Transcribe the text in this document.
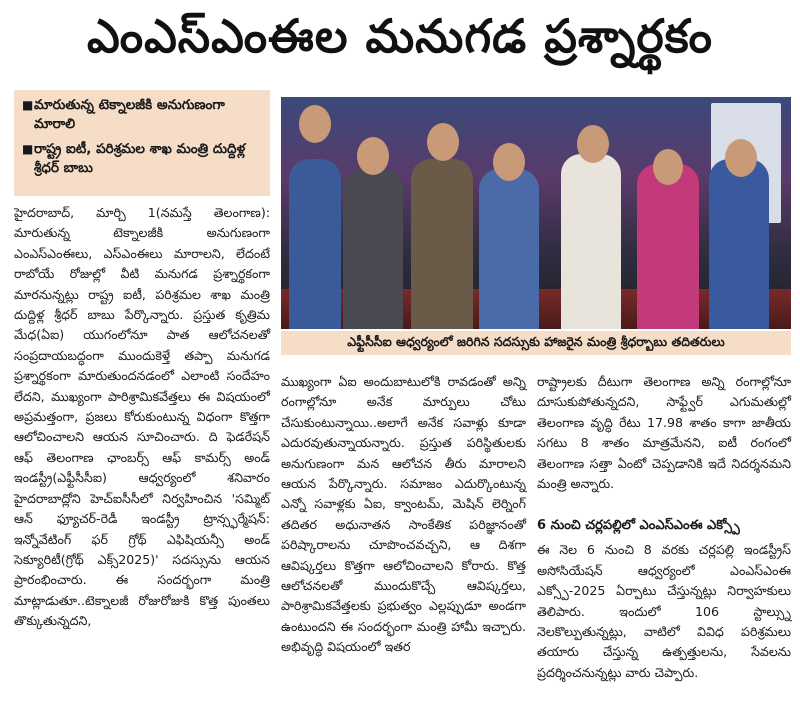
ఎంఎస్ఎంఈల మనుగడ ప్రశ్నార్థకం
■ మారుతున్న టెక్నాలజీకి అనుగుణంగా మారాలి
■ రాష్ట్ర ఐటీ, పరిశ్రమల శాఖ మంత్రి దుద్దిళ్ల శ్రీధర్ బాబు
ఎఫ్టీసీసీఐ ఆధ్వర్యంలో జరిగిన సదస్సుకు హాజరైన మంత్రి శ్రీధర్బాబు తదితరులు

హైదరాబాద్, మార్చి 1(నమస్తే తెలంగాణ): మారుతున్న టెక్నాలజీకి అనుగుణంగా ఎంఎస్ఎంఈలు, ఎస్ఎంఈలు మారాలని, లేదంటే రాబోయే రోజుల్లో వీటి మనుగడ ప్రశ్నార్థకంగా మారనున్నట్లు రాష్ట్ర ఐటీ, పరిశ్రమల శాఖ మంత్రి దుద్దిళ్ల శ్రీధర్ బాబు పేర్కొన్నారు. ప్రస్తుత కృత్రిమ మేధ(ఏఐ) యుగంలోనూ పాత ఆలోచనలతో సంప్రదాయబద్ధంగా ముందుకెళ్తే తప్పా మనుగడ ప్రశ్నార్థకంగా మారుతుందనడంలో ఎలాంటి సందేహం లేదని, ముఖ్యంగా పారిశ్రామికవేత్తలు ఈ విషయంలో అప్రమత్తంగా, ప్రజలు కోరుకుంటున్న విధంగా కొత్తగా ఆలోచించాలని ఆయన సూచించారు. ది ఫెడరేషన్ ఆఫ్ తెలంగాణ ఛాంబర్స్ ఆఫ్ కామర్స్ అండ్ ఇండస్ట్రీ(ఎఫ్టీసీసీఐ) ఆధ్వర్యంలో శనివారం హైదరాబాద్లోని హెచ్ఐసీసీలో నిర్వహించిన 'సమ్మిట్ ఆన్ ఫ్యూచర్-రెడీ ఇండస్ట్రీ ట్రాన్స్ఫర్మేషన్: ఇన్నోవేటింగ్ ఫర్ గ్రోథ్ ఎఫిషియన్సీ అండ్ సెక్యూరిటీ(గ్రోథ్ ఎక్స్2025)' సదస్సును ఆయన ప్రారంభించారు. ఈ సందర్భంగా మంత్రి మాట్లాడుతూ..టెక్నాలజీ రోజురోజుకి కొత్త పుంతలు తొక్కుతున్నదని,

ముఖ్యంగా ఏఐ అందుబాటులోకి రావడంతో అన్ని రంగాల్లోనూ అనేక మార్పులు చోటు చేసుకుంటున్నాయి..అలాగే అనేక సవాళ్లు కూడా ఎదురవుతున్నాయన్నారు. ప్రస్తుత పరిస్థితులకు అనుగుణంగా మన ఆలోచన తీరు మారాలని ఆయన పేర్కొన్నారు. సమాజం ఎదుర్కొంటున్న ఎన్నో సవాళ్లకు ఏఐ, క్వాంటమ్, మెషిన్ లెర్నింగ్ తదితర అధునాతన సాంకేతిక పరిజ్ఞానంతో పరిష్కారాలను చూపొంచవచ్చని, ఆ దిశగా ఆవిష్కర్తలు కొత్తగా ఆలోచించాలని కోరారు. కొత్త ఆలోచనలతో ముందుకొచ్చే ఆవిష్కర్తలు, పారిశ్రామికవేత్తలకు ప్రభుత్వం ఎల్లప్పుడూ అండగా ఉంటుందని ఈ సందర్భంగా మంత్రి హామీ ఇచ్చారు. అభివృద్ధి విషయంలో ఇతర

రాష్ట్రాలకు దీటుగా తెలంగాణ అన్ని రంగాల్లోనూ దూసుకుపోతున్నదని, సాఫ్ట్వేర్ ఎగుమతుల్లో తెలంగాణ వృద్ధి రేటు 17.98 శాతం కాగా జాతీయ సగటు 8 శాతం మాత్రమేనని, ఐటీ రంగంలో తెలంగాణ సత్తా ఏంటో చెప్పడానికి ఇదే నిదర్శనమని మంత్రి అన్నారు.

6 నుంచి చర్లపల్లిలో ఎంఎస్ఎంఈ ఎక్స్పో

ఈ నెల 6 నుంచి 8 వరకు చర్లపల్లి ఇండస్ట్రీస్ అసోసియేషన్ ఆధ్వర్యంలో ఎంఎస్ఎంఈ ఎక్స్పో-2025 ఏర్పాటు చేస్తున్నట్లు నిర్వాహకులు తెలిపారు. ఇందులో 106 స్టాల్స్ను నెలకొల్పుతున్నట్లు, వాటిలో వివిధ పరిశ్రమలు తయారు చేస్తున్న ఉత్పత్తులను, సేవలను ప్రదర్శించనున్నట్లు వారు చెప్పారు.
